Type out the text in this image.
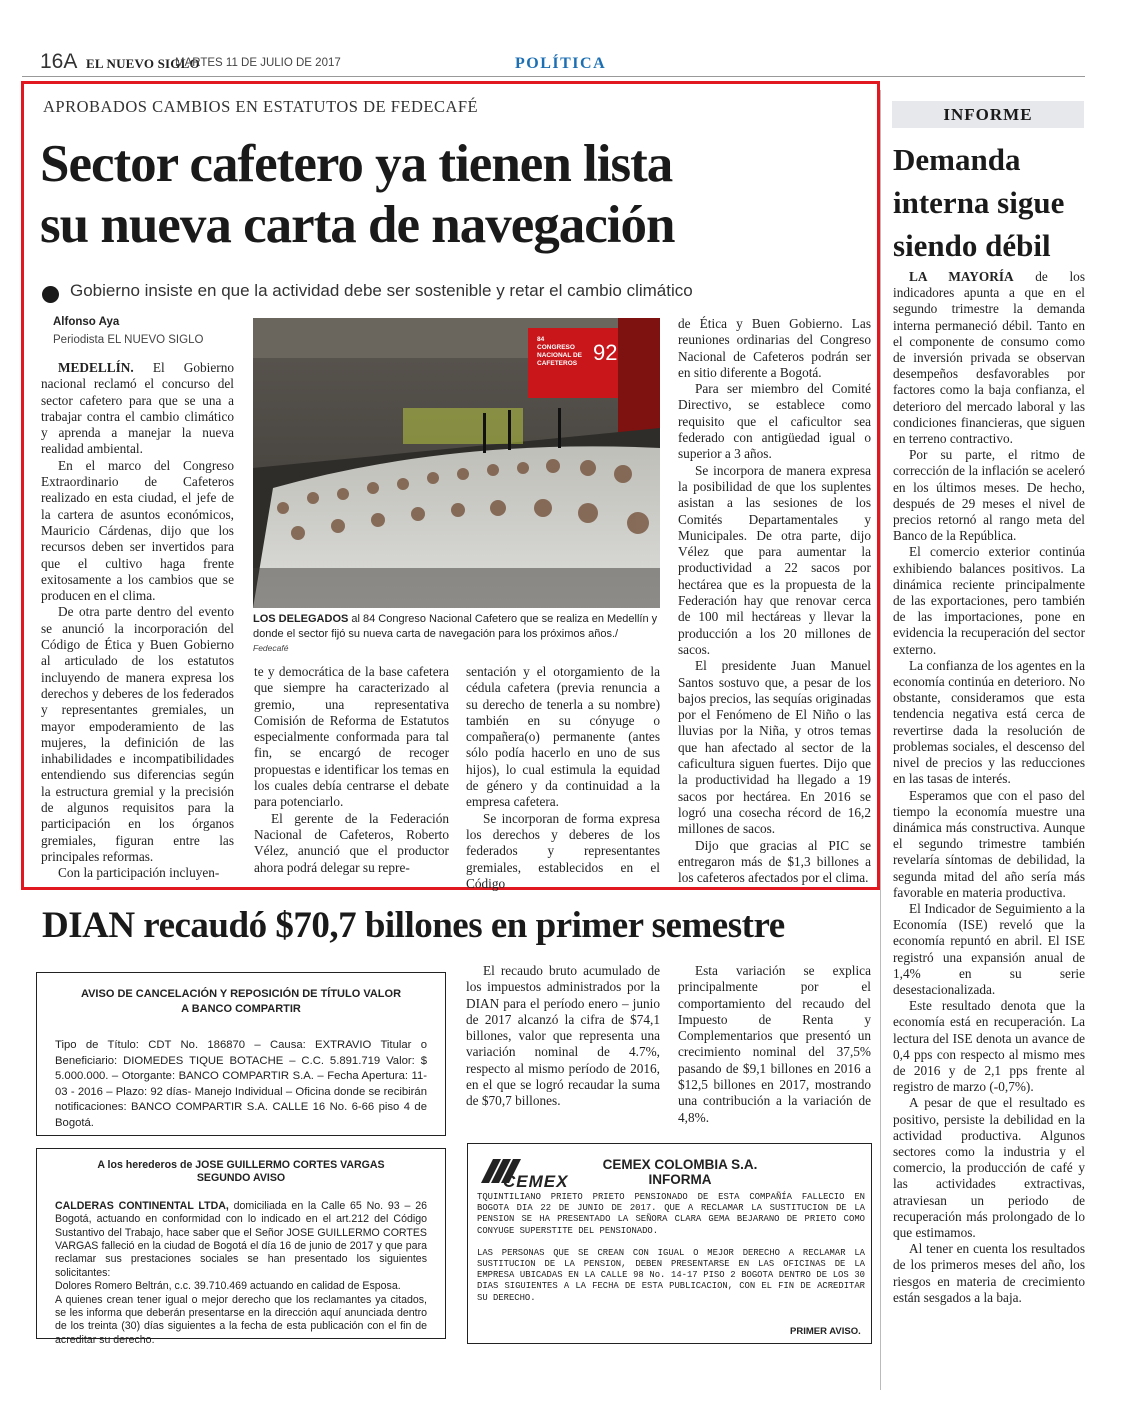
16A EL NUEVO SIGLO
MARTES 11 DE JULIO DE 2017	POLÍTICA
APROBADOS CAMBIOS EN ESTATUTOS DE FEDECAFÉ
Sector cafetero ya tienen lista
su nueva carta de navegación
Gobierno insiste en que la actividad debe ser sostenible y retar el cambio climático
Alfonso Aya
Periodista EL NUEVO SIGLO

MEDELLÍN. El Gobierno nacional reclamó el concurso del sector cafetero para que se una a trabajar contra el cambio climático y aprenda a manejar la nueva realidad ambiental.

En el marco del Congreso Extraordinario de Cafeteros realizado en esta ciudad, el jefe de la cartera de asuntos económicos, Mauricio Cárdenas, dijo que los recursos deben ser invertidos para que el cultivo haga frente exitosamente a los cambios que se producen en el clima.

De otra parte dentro del evento se anunció la incorporación del Código de Ética y Buen Gobierno al articulado de los estatutos incluyendo de manera expresa los derechos y deberes de los federados y representantes gremiales, un mayor empoderamiento de las mujeres, la definición de las inhabilidades e incompatibilidades entendiendo sus diferencias según la estructura gremial y la precisión de algunos requisitos para la participación en los órganos gremiales, figuran entre las principales reformas.

Con la participación incluyen-

84
CONGRESO
NACIONAL DE
CAFETEROS 92
LOS DELEGADOS al 84 Congreso Nacional Cafetero que se realiza en Medellín y donde el sector fijó su nueva carta de navegación para los próximos años./
Fedecafé

te y democrática de la base cafetera que siempre ha caracterizado al gremio, una representativa Comisión de Reforma de Estatutos especialmente conformada para tal fin, se encargó de recoger propuestas e identificar los temas en los cuales debía centrarse el debate para potenciarlo.

El gerente de la Federación Nacional de Cafeteros, Roberto Vélez, anunció que el productor ahora podrá delegar su repre-

sentación y el otorgamiento de la cédula cafetera (previa renuncia a su derecho de tenerla a su nombre) también en su cónyuge o compañera(o) permanente (antes sólo podía hacerlo en uno de sus hijos), lo cual estimula la equidad de género y da continuidad a la empresa cafetera.

Se incorporan de forma expresa los derechos y deberes de los federados y representantes gremiales, establecidos en el Código

de Ética y Buen Gobierno. Las reuniones ordinarias del Congreso Nacional de Cafeteros podrán ser en sitio diferente a Bogotá.

Para ser miembro del Comité Directivo, se establece como requisito que el caficultor sea federado con antigüedad igual o superior a 3 años.

Se incorpora de manera expresa la posibilidad de que los suplentes asistan a las sesiones de los Comités Departamentales y Municipales. De otra parte, dijo Vélez que para aumentar la productividad a 22 sacos por hectárea que es la propuesta de la Federación hay que renovar cerca de 100 mil hectáreas y llevar la producción a los 20 millones de sacos.

El presidente Juan Manuel Santos sostuvo que, a pesar de los bajos precios, las sequías originadas por el Fenómeno de El Niño o las lluvias por la Niña, y otros temas que han afectado al sector de la caficultura siguen fuertes. Dijo que la productividad ha llegado a 19 sacos por hectárea. En 2016 se logró una cosecha récord de 16,2 millones de sacos.

Dijo que gracias al PIC se entregaron más de $1,3 billones a los cafeteros afectados por el clima.

INFORME
Demanda
interna sigue
siendo débil

LA MAYORÍA de los indicadores apunta a que en el segundo trimestre la demanda interna permaneció débil. Tanto en el componente de consumo como de inversión privada se observan desempeños desfavorables por factores como la baja confianza, el deterioro del mercado laboral y las condiciones financieras, que siguen en terreno contractivo.

Por su parte, el ritmo de corrección de la inflación se aceleró en los últimos meses. De hecho, después de 29 meses el nivel de precios retornó al rango meta del Banco de la República.

El comercio exterior continúa exhibiendo balances positivos. La dinámica reciente principalmente de las exportaciones, pero también de las importaciones, pone en evidencia la recuperación del sector externo.

La confianza de los agentes en la economía continúa en deterioro. No obstante, consideramos que esta tendencia negativa está cerca de revertirse dada la resolución de problemas sociales, el descenso del nivel de precios y las reducciones en las tasas de interés.

Esperamos que con el paso del tiempo la economía muestre una dinámica más constructiva. Aunque el segundo trimestre también revelaría síntomas de debilidad, la segunda mitad del año sería más favorable en materia productiva.

El Indicador de Seguimiento a la Economía (ISE) reveló que la economía repuntó en abril. El ISE registró una expansión anual de 1,4% en su serie desestacionalizada.

Este resultado denota que la economía está en recuperación. La lectura del ISE denota un avance de 0,4 pps con respecto al mismo mes de 2016 y de 2,1 pps frente al registro de marzo (-0,7%).

A pesar de que el resultado es positivo, persiste la debilidad en la actividad productiva. Algunos sectores como la industria y el comercio, la producción de café y las actividades extractivas, atraviesan un periodo de recuperación más prolongado de lo que estimamos.

Al tener en cuenta los resultados de los primeros meses del año, los riesgos en materia de crecimiento están sesgados a la baja.

DIAN recaudó $70,7 billones en primer semestre

El recaudo bruto acumulado de los impuestos administrados por la DIAN para el período enero – junio de 2017 alcanzó la cifra de $74,1 billones, valor que representa una variación nominal de 4.7%, respecto al mismo período de 2016, en el que se logró recaudar la suma de $70,7 billones.

Esta variación se explica principalmente por el comportamiento del recaudo del Impuesto de Renta y Complementarios que presentó un crecimiento nominal del 37,5% pasando de $9,1 billones en 2016 a $12,5 billones en 2017, mostrando una contribución a la variación de 4,8%.

AVISO DE CANCELACIÓN Y REPOSICIÓN DE TÍTULO VALOR
A BANCO COMPARTIR
Tipo de Título: CDT No. 186870 – Causa: EXTRAVIO Titular o Beneficiario: DIOMEDES TIQUE BOTACHE – C.C. 5.891.719 Valor: $ 5.000.000. – Otorgante: BANCO COMPARTIR S.A. – Fecha Apertura: 11- 03 - 2016 – Plazo: 92 días- Manejo Individual – Oficina donde se recibirán notificaciones: BANCO COMPARTIR S.A. CALLE 16 No. 6-66 piso 4 de Bogotá.
A los herederos de JOSE GUILLERMO CORTES VARGAS
SEGUNDO AVISO
CALDERAS CONTINENTAL LTDA, domiciliada en la Calle 65 No. 93 – 26 Bogotá, actuando en conformidad con lo indicado en el art.212 del Código Sustantivo del Trabajo, hace saber que el Señor JOSE GUILLERMO CORTES VARGAS falleció en la ciudad de Bogotá el día 16 de junio de 2017 y que para reclamar sus prestaciones sociales se han presentado los siguientes solicitantes:
Dolores Romero Beltrán, c.c. 39.710.469 actuando en calidad de Esposa.
A quienes crean tener igual o mejor derecho que los reclamantes ya citados, se les informa que deberán presentarse en la dirección aquí anunciada dentro de los treinta (30) días siguientes a la fecha de esta publicación con el fin de acreditar su derecho.
CEMEX
CEMEX COLOMBIA S.A.
INFORMA
TQUINTILIANO PRIETO PRIETO PENSIONADO DE ESTA COMPAÑÍA FALLECIO EN BOGOTA DIA 22 DE JUNIO DE 2017. QUE A RECLAMAR LA SUSTITUCION DE LA PENSION SE HA PRESENTADO LA SEÑORA CLARA GEMA BEJARANO DE PRIETO COMO CONYUGE SUPERSTITE DEL PENSIONADO.
LAS PERSONAS QUE SE CREAN CON IGUAL O MEJOR DERECHO A RECLAMAR LA SUSTITUCION DE LA PENSION, DEBEN PRESENTARSE EN LAS OFICINAS DE LA EMPRESA UBICADAS EN LA CALLE 98 No. 14-17 PISO 2 BOGOTA DENTRO DE LOS 30 DIAS SIGUIENTES A LA FECHA DE ESTA PUBLICACION, CON EL FIN DE ACREDITAR SU DERECHO.
PRIMER AVISO.
